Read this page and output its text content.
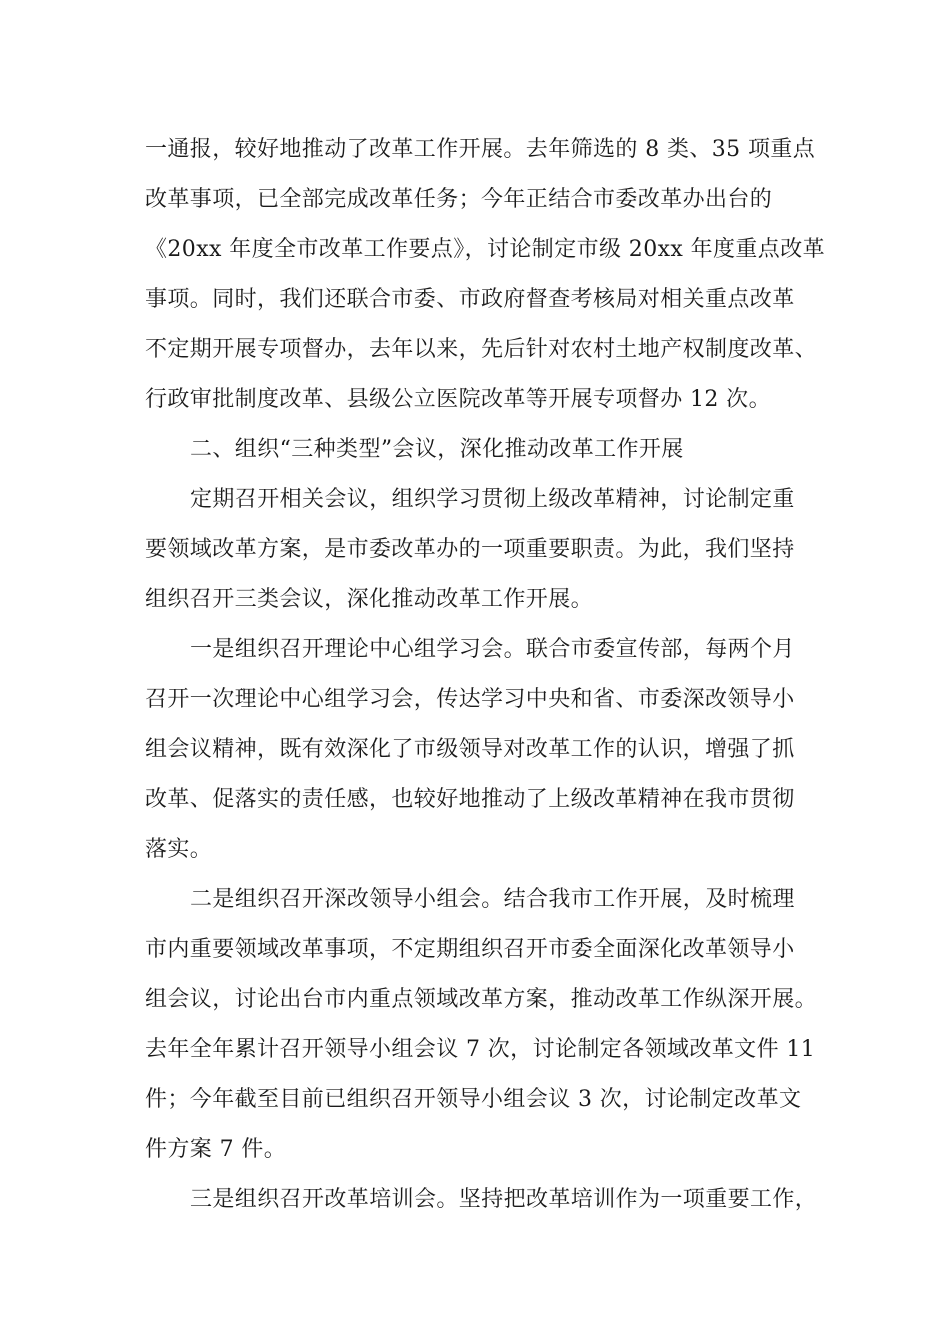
一通报，较好地推动了改革工作开展。去年筛选的 8 类、35 项重点
改革事项，已全部完成改革任务；今年正结合市委改革办出台的
《20xx 年度全市改革工作要点》，讨论制定市级 20xx 年度重点改革
事项。同时，我们还联合市委、市政府督查考核局对相关重点改革
不定期开展专项督办，去年以来，先后针对农村土地产权制度改革、
行政审批制度改革、县级公立医院改革等开展专项督办 12 次。
二、组织“三种类型”会议，深化推动改革工作开展
定期召开相关会议，组织学习贯彻上级改革精神，讨论制定重
要领域改革方案，是市委改革办的一项重要职责。为此，我们坚持
组织召开三类会议，深化推动改革工作开展。
一是组织召开理论中心组学习会。联合市委宣传部，每两个月
召开一次理论中心组学习会，传达学习中央和省、市委深改领导小
组会议精神，既有效深化了市级领导对改革工作的认识，增强了抓
改革、促落实的责任感，也较好地推动了上级改革精神在我市贯彻
落实。
二是组织召开深改领导小组会。结合我市工作开展，及时梳理
市内重要领域改革事项，不定期组织召开市委全面深化改革领导小
组会议，讨论出台市内重点领域改革方案，推动改革工作纵深开展。
去年全年累计召开领导小组会议 7 次，讨论制定各领域改革文件 11
件；今年截至目前已组织召开领导小组会议 3 次，讨论制定改革文
件方案 7 件。
三是组织召开改革培训会。坚持把改革培训作为一项重要工作，
